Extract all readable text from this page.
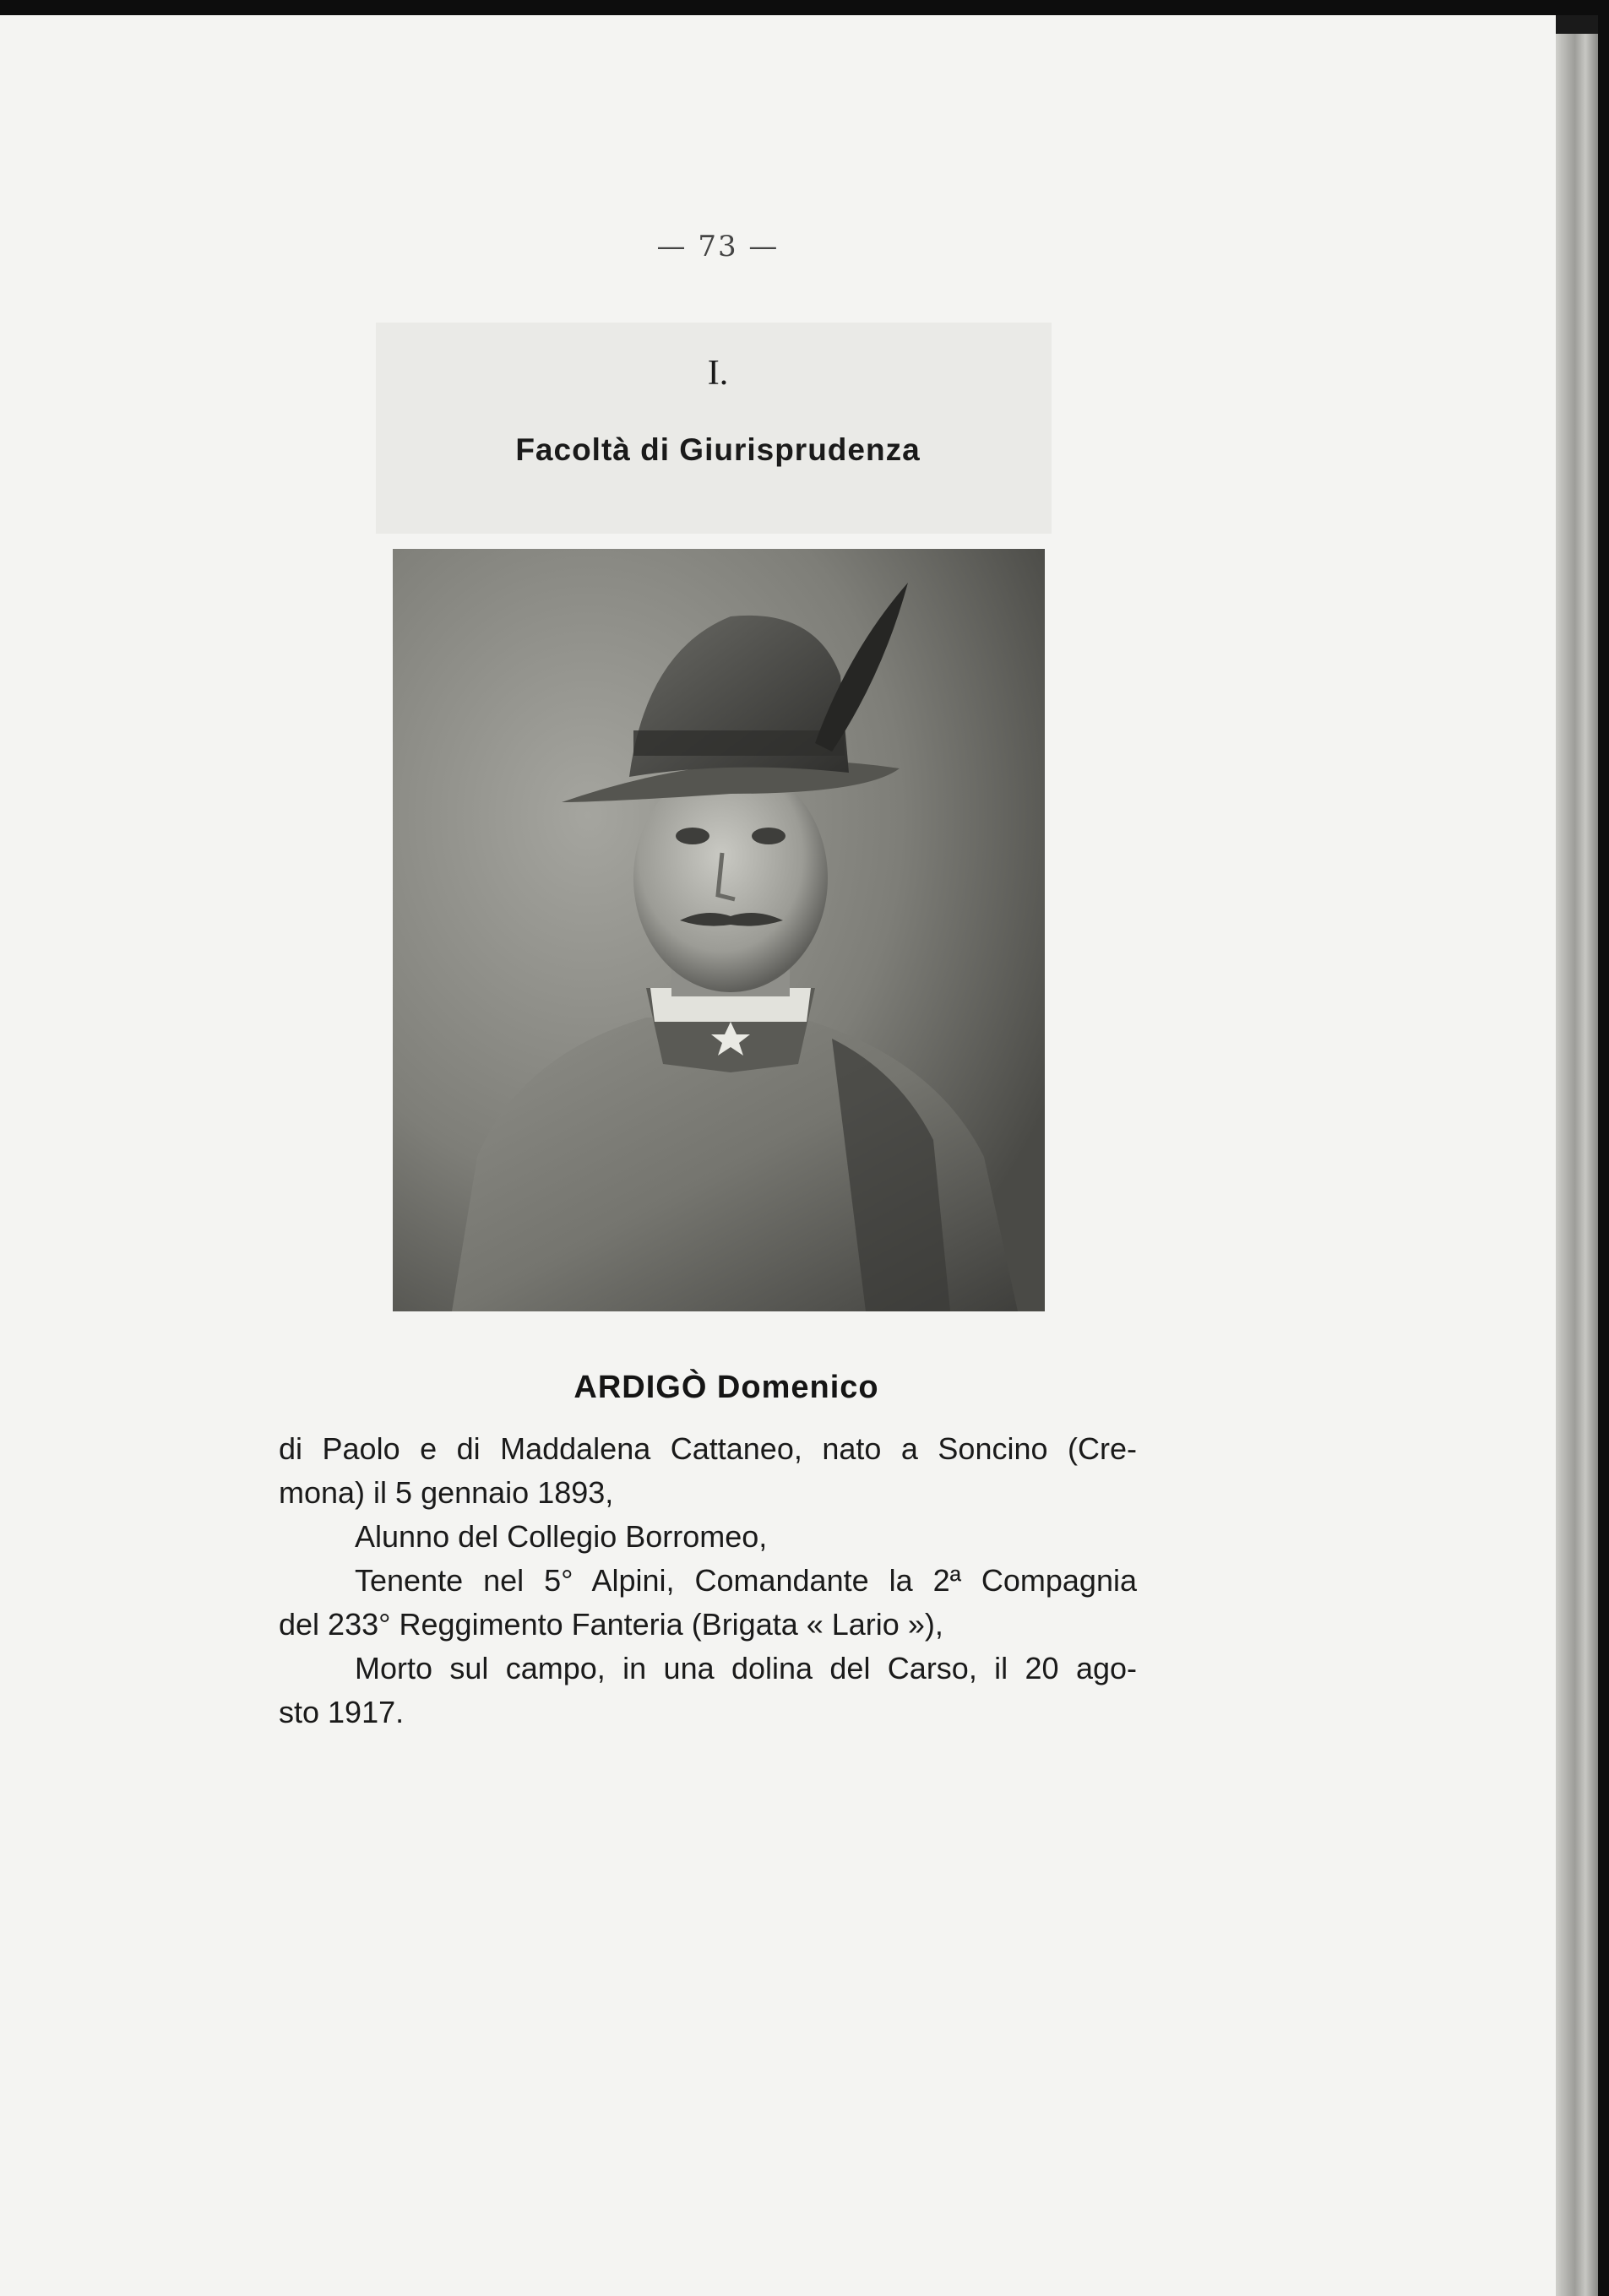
— 73 —
I.
Facoltà di Giurisprudenza
ARDIGÒ Domenico
di Paolo e di Maddalena Cattaneo, nato a Soncino (Cre-
mona) il 5 gennaio 1893,
Alunno del Collegio Borromeo,
Tenente nel 5° Alpini, Comandante la 2ª Compagnia
del 233° Reggimento Fanteria (Brigata « Lario »),
Morto sul campo, in una dolina del Carso, il 20 ago-
sto 1917.
